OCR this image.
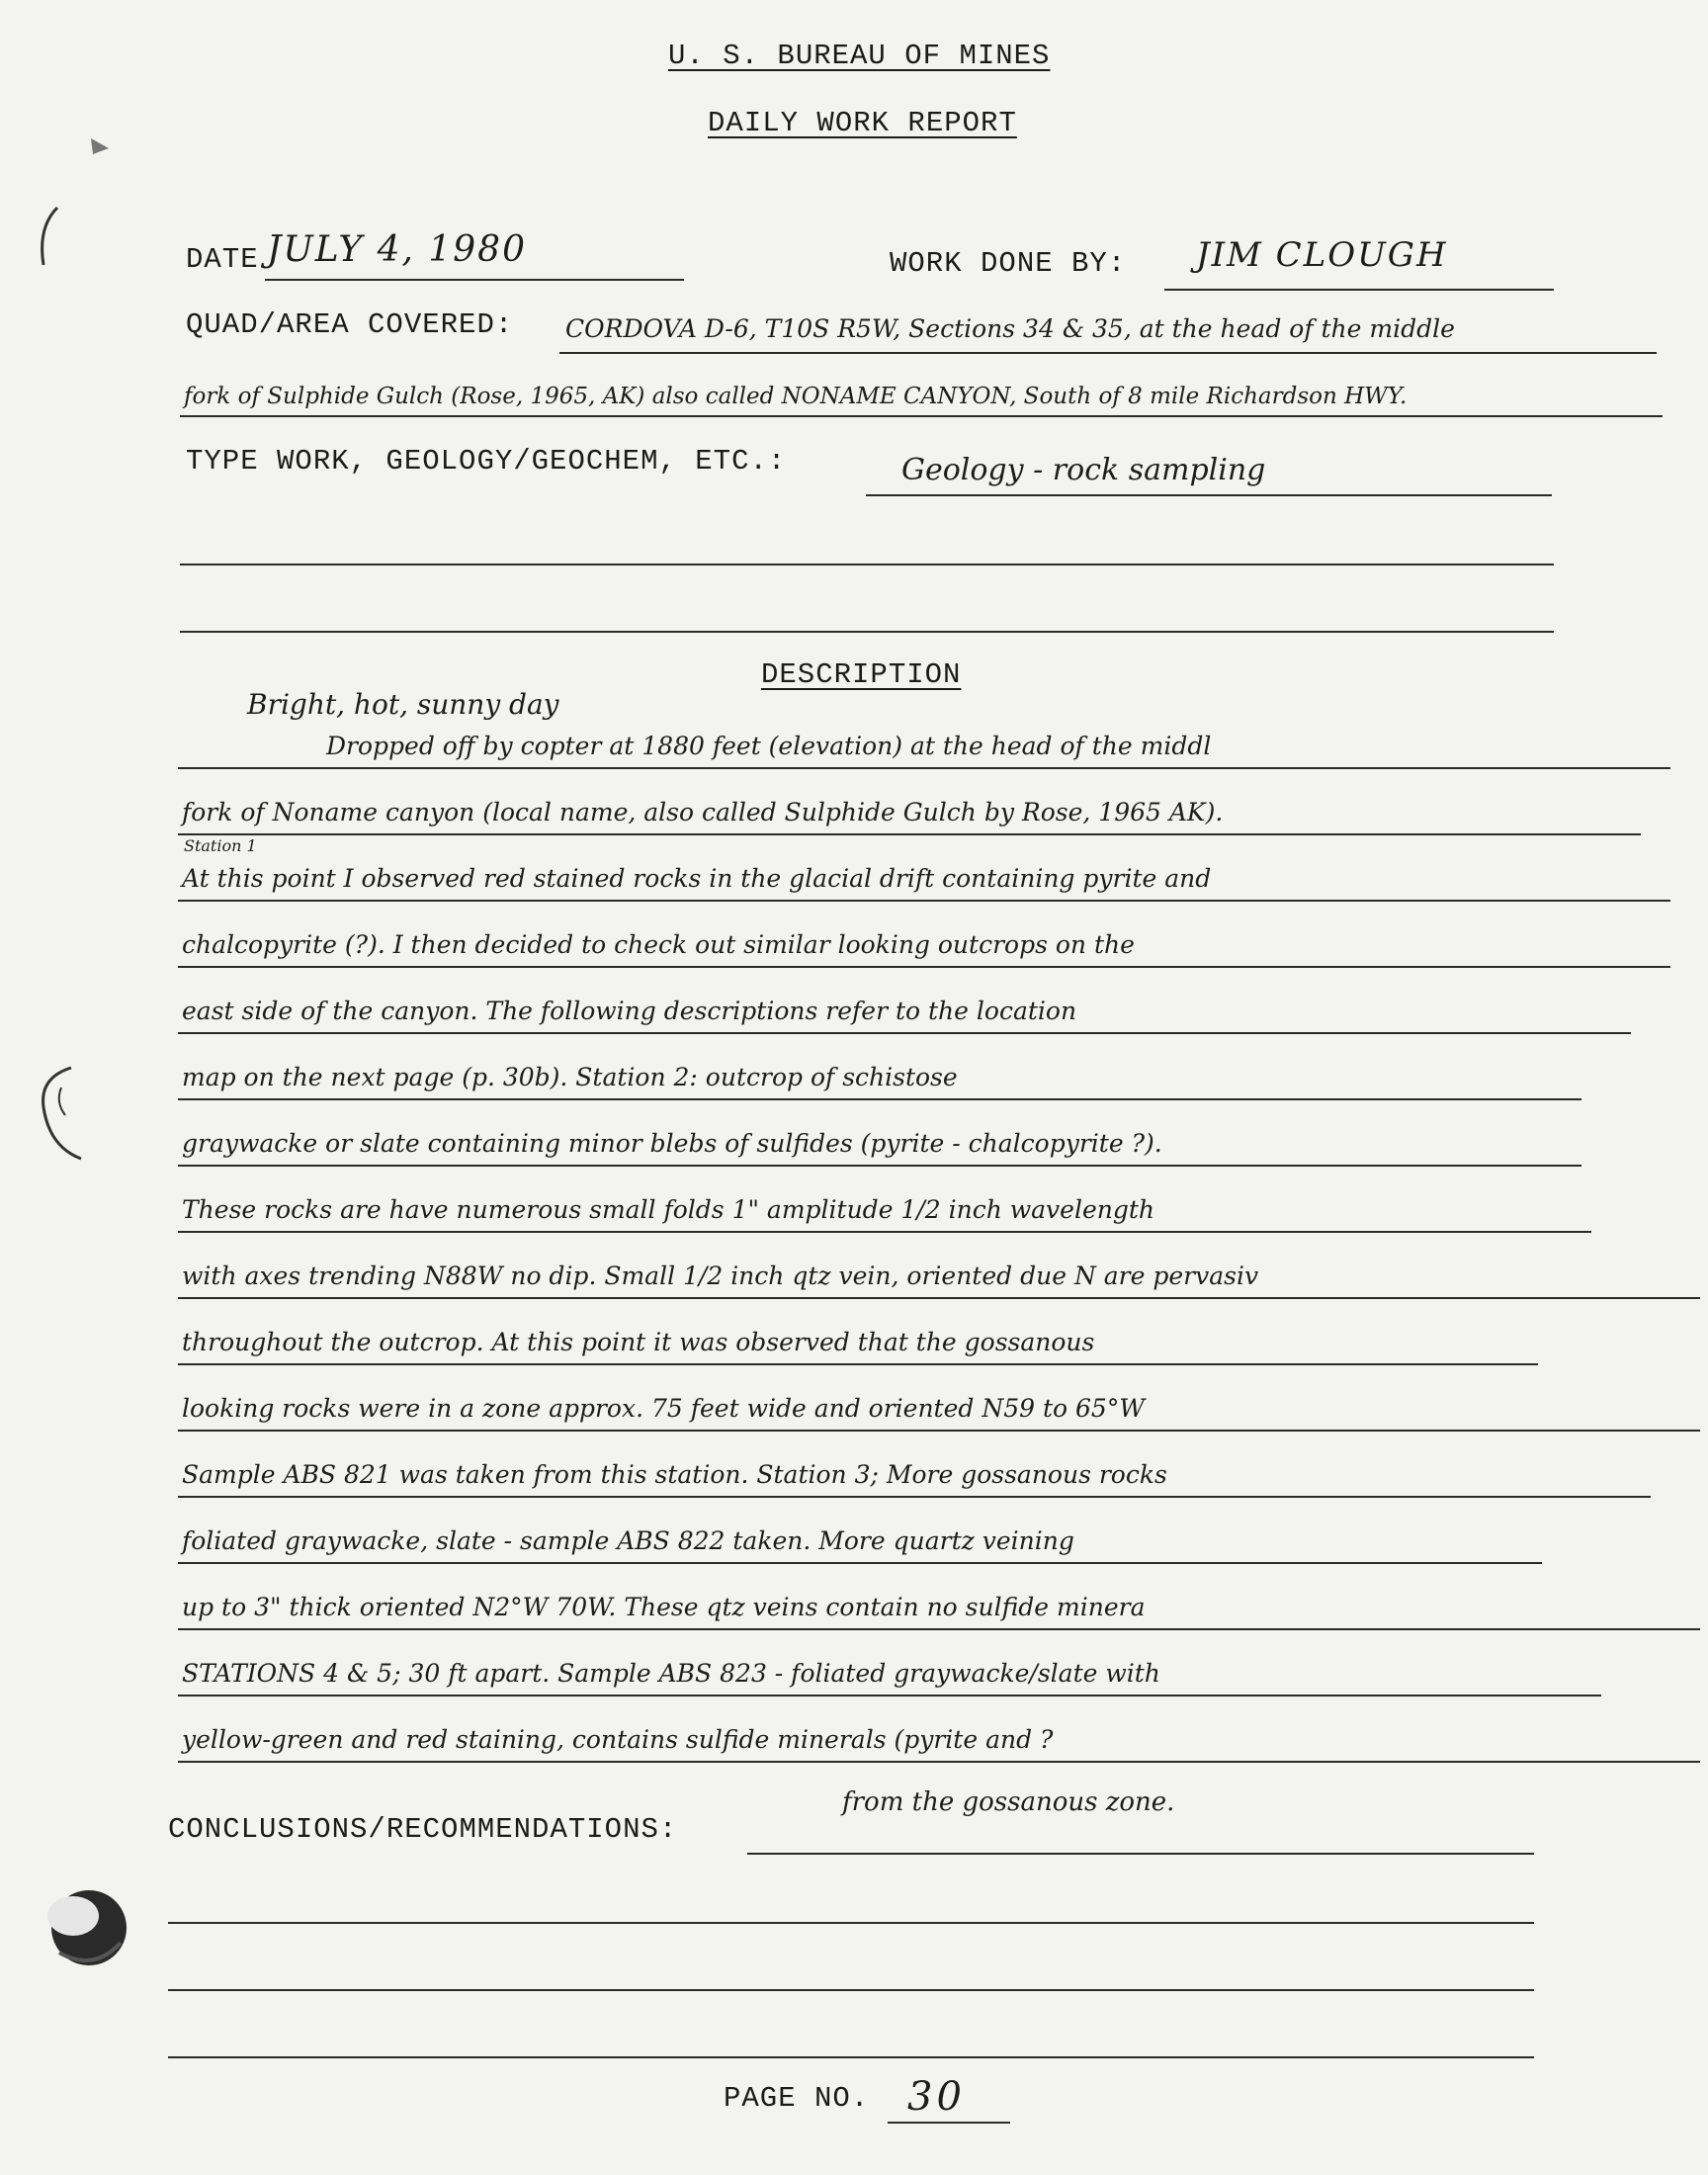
U. S. BUREAU OF MINES
DAILY WORK REPORT
DATE JULY 4, 1980	WORK DONE BY: JIM CLOUGH
QUAD/AREA COVERED: CORDOVA D-6, T10S R5W, Sections 34 & 35, at the head of the middle
fork of Sulphide Gulch (Rose, 1965, AK) also called NONAME CANYON, South of 8 mile Richardson HWY.
TYPE WORK, GEOLOGY/GEOCHEM, ETC.:	Geology - rock sampling
DESCRIPTION
Bright, hot, sunny day
Station 1
Dropped off by copter at 1880 feet (elevation) at the head of the middl
fork of Noname canyon (local name, also called Sulphide Gulch by Rose, 1965 AK).
At this point I observed red stained rocks in the glacial drift containing pyrite and
chalcopyrite (?). I then decided to check out similar looking outcrops on the
east side of the canyon. The following descriptions refer to the location
map on the next page (p. 30b). Station 2: outcrop of schistose
graywacke or slate containing minor blebs of sulfides (pyrite - chalcopyrite ?).
These rocks are have numerous small folds 1" amplitude 1/2 inch wavelength
with axes trending N88W no dip. Small 1/2 inch qtz vein, oriented due N are pervasiv
throughout the outcrop. At this point it was observed that the gossanous
looking rocks were in a zone approx. 75 feet wide and oriented N59 to 65°W
Sample ABS 821 was taken from this station. Station 3; More gossanous rocks
foliated graywacke, slate - sample ABS 822 taken. More quartz veining
up to 3" thick oriented N2°W 70W. These qtz veins contain no sulfide minera
STATIONS 4 & 5; 30 ft apart. Sample ABS 823 - foliated graywacke/slate with
yellow-green and red staining, contains sulfide minerals (pyrite and ?
from the gossanous zone.
CONCLUSIONS/RECOMMENDATIONS:
PAGE NO. 30
